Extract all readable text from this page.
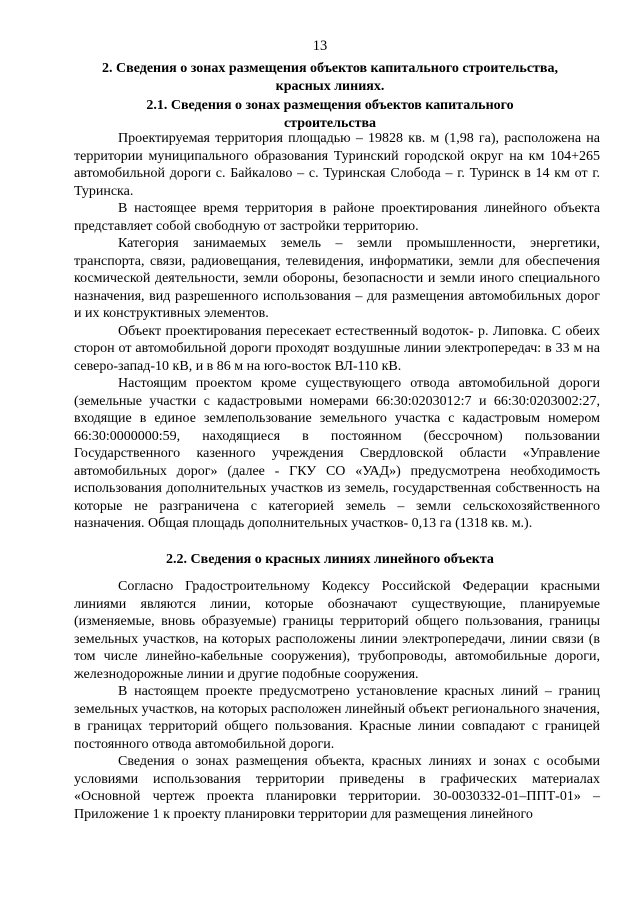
13
2. Сведения о зонах размещения объектов капитального строительства,
красных линиях.
2.1. Сведения о зонах размещения объектов капитального
строительства

Проектируемая территория площадью – 19828 кв. м (1,98 га), расположена на территории муниципального образования Туринский городской округ на км 104+265 автомобильной дороги с. Байкалово – с. Туринская Слобода – г. Туринск в 14 км от г. Туринска.

В настоящее время территория в районе проектирования линейного объекта представляет собой свободную от застройки территорию.

Категория занимаемых земель – земли промышленности, энергетики, транспорта, связи, радиовещания, телевидения, информатики, земли для обеспечения космической деятельности, земли обороны, безопасности и земли иного специального назначения, вид разрешенного использования – для размещения автомобильных дорог и их конструктивных элементов.

Объект проектирования пересекает естественный водоток- р. Липовка. С обеих сторон от автомобильной дороги проходят воздушные линии электропередач: в 33 м на северо-запад-10 кВ, и в 86 м на юго-восток ВЛ-110 кВ.

Настоящим проектом кроме существующего отвода автомобильной дороги (земельные участки с кадастровыми номерами 66:30:0203012:7 и 66:30:0203002:27, входящие в единое землепользование земельного участка с кадастровым номером 66:30:0000000:59, находящиеся в постоянном (бессрочном) пользовании Государственного казенного учреждения Свердловской области «Управление автомобильных дорог» (далее - ГКУ СО «УАД») предусмотрена необходимость использования дополнительных участков из земель, государственная собственность на которые не разграничена с категорией земель – земли сельскохозяйственного назначения. Общая площадь дополнительных участков- 0,13 га (1318 кв. м.).

2.2. Сведения о красных линиях линейного объекта

Согласно Градостроительному Кодексу Российской Федерации красными линиями являются линии, которые обозначают существующие, планируемые (изменяемые, вновь образуемые) границы территорий общего пользования, границы земельных участков, на которых расположены линии электропередачи, линии связи (в том числе линейно-кабельные сооружения), трубопроводы, автомобильные дороги, железнодорожные линии и другие подобные сооружения.

В настоящем проекте предусмотрено установление красных линий – границ земельных участков, на которых расположен линейный объект регионального значения, в границах территорий общего пользования. Красные линии совпадают с границей постоянного отвода автомобильной дороги.

Сведения о зонах размещения объекта, красных линиях и зонах с особыми условиями использования территории приведены в графических материалах «Основной чертеж проекта планировки территории. 30-0030332-01–ППТ-01» – Приложение 1 к проекту планировки территории для размещения линейного
